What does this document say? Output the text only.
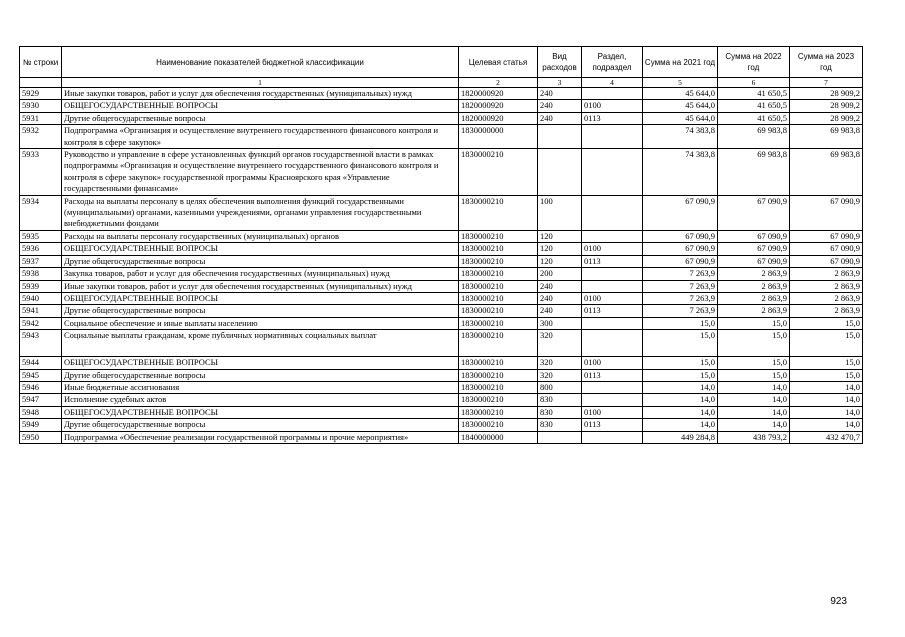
№ строки	Наименование показателей бюджетной классификации	Целевая статья	Вид расходов	Раздел, подраздел	Сумма на 2021 год	Сумма на 2022 год	Сумма на 2023 год
	1	2	3	4	5	6	7
5929	Иные закупки товаров, работ и услуг для обеспечения государственных (муниципальных) нужд	1820000920	240		45 644,0	41 650,5	28 909,2
5930	ОБЩЕГОСУДАРСТВЕННЫЕ ВОПРОСЫ	1820000920	240	0100	45 644,0	41 650,5	28 909,2
5931	Другие общегосударственные вопросы	1820000920	240	0113	45 644,0	41 650,5	28 909,2
5932	Подпрограмма «Организация и осуществление внутреннего государственного финансового контроля и контроля в сфере закупок»	1830000000			74 383,8	69 983,8	69 983,8
5933	Руководство и управление в сфере установленных функций органов государственной власти в рамках подпрограммы «Организация и осуществление внутреннего государственного финансового контроля и контроля в сфере закупок» государственной программы Красноярского края «Управление государственными финансами»	1830000210			74 383,8	69 983,8	69 983,8
5934	Расходы на выплаты персоналу в целях обеспечения выполнения функций государственными (муниципальными) органами, казенными учреждениями, органами управления государственными внебюджетными фондами	1830000210	100		67 090,9	67 090,9	67 090,9
5935	Расходы на выплаты персоналу государственных (муниципальных) органов	1830000210	120		67 090,9	67 090,9	67 090,9
5936	ОБЩЕГОСУДАРСТВЕННЫЕ ВОПРОСЫ	1830000210	120	0100	67 090,9	67 090,9	67 090,9
5937	Другие общегосударственные вопросы	1830000210	120	0113	67 090,9	67 090,9	67 090,9
5938	Закупка товаров, работ и услуг для обеспечения государственных (муниципальных) нужд	1830000210	200		7 263,9	2 863,9	2 863,9
5939	Иные закупки товаров, работ и услуг для обеспечения государственных (муниципальных) нужд	1830000210	240		7 263,9	2 863,9	2 863,9
5940	ОБЩЕГОСУДАРСТВЕННЫЕ ВОПРОСЫ	1830000210	240	0100	7 263,9	2 863,9	2 863,9
5941	Другие общегосударственные вопросы	1830000210	240	0113	7 263,9	2 863,9	2 863,9
5942	Социальное обеспечение и иные выплаты населению	1830000210	300		15,0	15,0	15,0
5943	Социальные выплаты гражданам, кроме публичных нормативных социальных выплат	1830000210	320		15,0	15,0	15,0
5944	ОБЩЕГОСУДАРСТВЕННЫЕ ВОПРОСЫ	1830000210	320	0100	15,0	15,0	15,0
5945	Другие общегосударственные вопросы	1830000210	320	0113	15,0	15,0	15,0
5946	Иные бюджетные ассигнования	1830000210	800		14,0	14,0	14,0
5947	Исполнение судебных актов	1830000210	830		14,0	14,0	14,0
5948	ОБЩЕГОСУДАРСТВЕННЫЕ ВОПРОСЫ	1830000210	830	0100	14,0	14,0	14,0
5949	Другие общегосударственные вопросы	1830000210	830	0113	14,0	14,0	14,0
5950	Подпрограмма «Обеспечение реализации государственной программы и прочие мероприятия»	1840000000			449 284,8	438 793,2	432 470,7
923
